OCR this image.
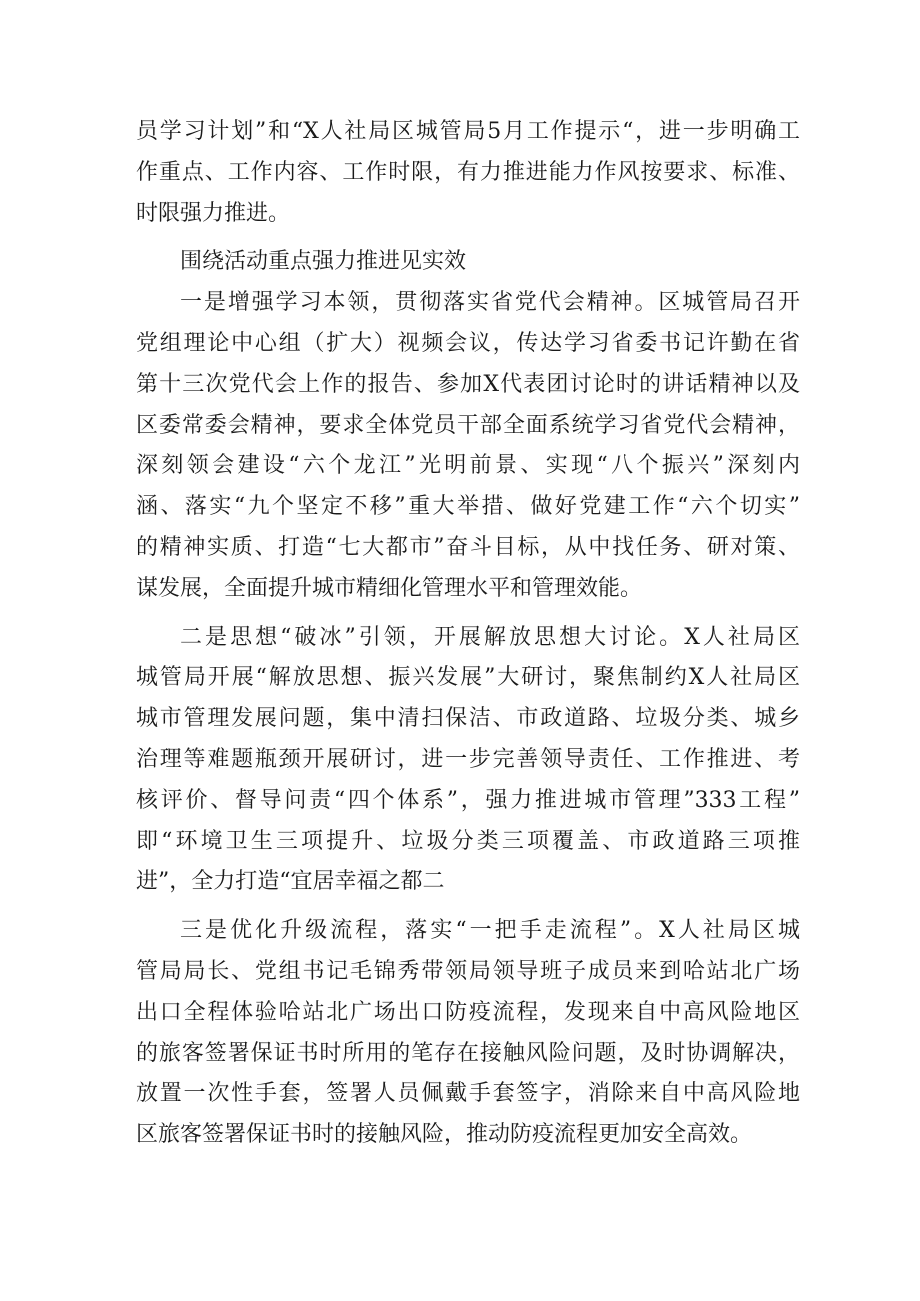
员学习计划”和“X人社局区城管局5月工作提示“，进一步明确工
作重点、工作内容、工作时限，有力推进能力作风按要求、标准、
时限强力推进。
围绕活动重点强力推进见实效
一是增强学习本领，贯彻落实省党代会精神。区城管局召开
党组理论中心组（扩大）视频会议，传达学习省委书记许勤在省
第十三次党代会上作的报告、参加X代表团讨论时的讲话精神以及
区委常委会精神，要求全体党员干部全面系统学习省党代会精神，
深刻领会建设“六个龙江”光明前景、实现“八个振兴”深刻内
涵、落实“九个坚定不移”重大举措、做好党建工作“六个切实”
的精神实质、打造“七大都市”奋斗目标，从中找任务、研对策、
谋发展，全面提升城市精细化管理水平和管理效能。
二是思想“破冰”引领，开展解放思想大讨论。X人社局区
城管局开展“解放思想、振兴发展”大研讨，聚焦制约X人社局区
城市管理发展问题，集中清扫保洁、市政道路、垃圾分类、城乡
治理等难题瓶颈开展研讨，进一步完善领导责任、工作推进、考
核评价、督导问责“四个体系”，强力推进城市管理”333工程”
即“环境卫生三项提升、垃圾分类三项覆盖、市政道路三项推
进”，全力打造“宜居幸福之都二
三是优化升级流程，落实“一把手走流程”。X人社局区城
管局局长、党组书记毛锦秀带领局领导班子成员来到哈站北广场
出口全程体验哈站北广场出口防疫流程，发现来自中高风险地区
的旅客签署保证书时所用的笔存在接触风险问题，及时协调解决，
放置一次性手套，签署人员佩戴手套签字，消除来自中高风险地
区旅客签署保证书时的接触风险，推动防疫流程更加安全高效。
